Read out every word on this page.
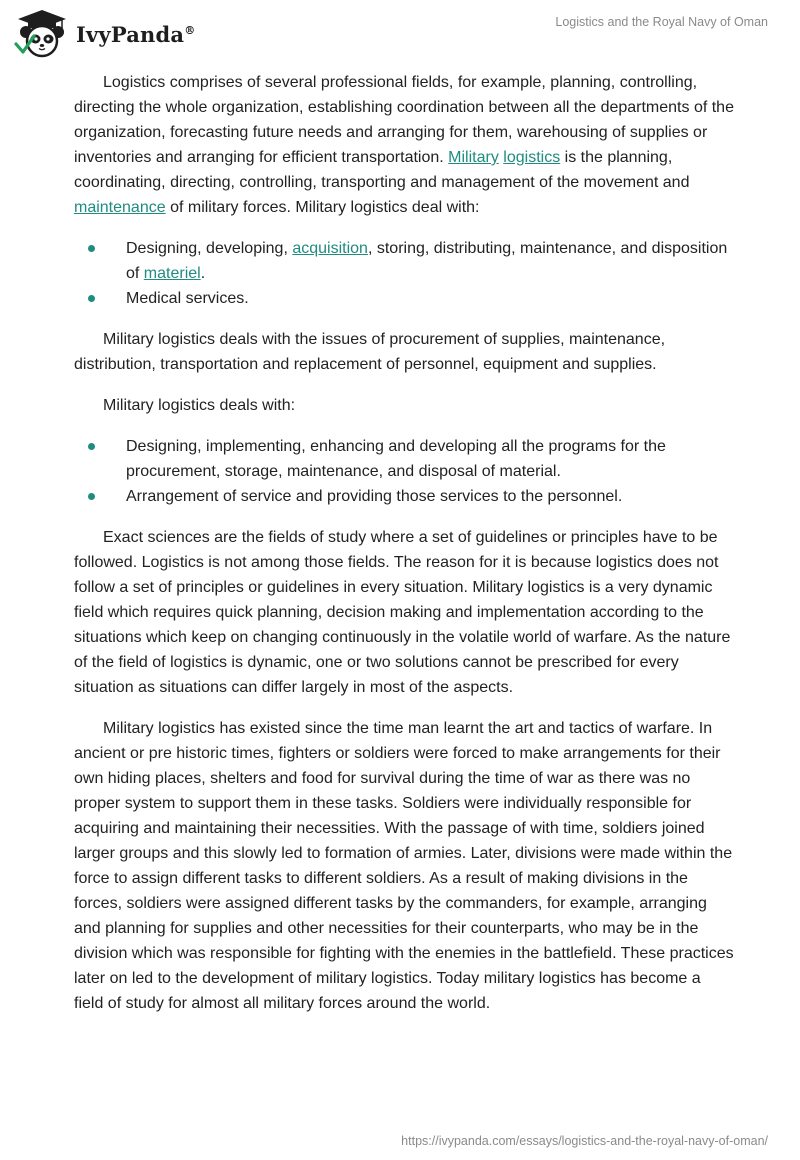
IvyPanda®
Logistics and the Royal Navy of Oman

Logistics comprises of several professional fields, for example, planning, controlling, directing the whole organization, establishing coordination between all the departments of the organization, forecasting future needs and arranging for them, warehousing of supplies or inventories and arranging for efficient transportation. Military logistics is the planning, coordinating, directing, controlling, transporting and management of the movement and maintenance of military forces. Military logistics deal with:

Designing, developing, acquisition, storing, distributing, maintenance, and disposition of materiel.
Medical services.

Military logistics deals with the issues of procurement of supplies, maintenance, distribution, transportation and replacement of personnel, equipment and supplies.

Military logistics deals with:

Designing, implementing, enhancing and developing all the programs for the procurement, storage, maintenance, and disposal of material.
Arrangement of service and providing those services to the personnel.

Exact sciences are the fields of study where a set of guidelines or principles have to be followed. Logistics is not among those fields. The reason for it is because logistics does not follow a set of principles or guidelines in every situation. Military logistics is a very dynamic field which requires quick planning, decision making and implementation according to the situations which keep on changing continuously in the volatile world of warfare. As the nature of the field of logistics is dynamic, one or two solutions cannot be prescribed for every situation as situations can differ largely in most of the aspects.

Military logistics has existed since the time man learnt the art and tactics of warfare. In ancient or pre historic times, fighters or soldiers were forced to make arrangements for their own hiding places, shelters and food for survival during the time of war as there was no proper system to support them in these tasks. Soldiers were individually responsible for acquiring and maintaining their necessities. With the passage of with time, soldiers joined larger groups and this slowly led to formation of armies. Later, divisions were made within the force to assign different tasks to different soldiers. As a result of making divisions in the forces, soldiers were assigned different tasks by the commanders, for example, arranging and planning for supplies and other necessities for their counterparts, who may be in the division which was responsible for fighting with the enemies in the battlefield. These practices later on led to the development of military logistics. Today military logistics has become a field of study for almost all military forces around the world.

https://ivypanda.com/essays/logistics-and-the-royal-navy-of-oman/
